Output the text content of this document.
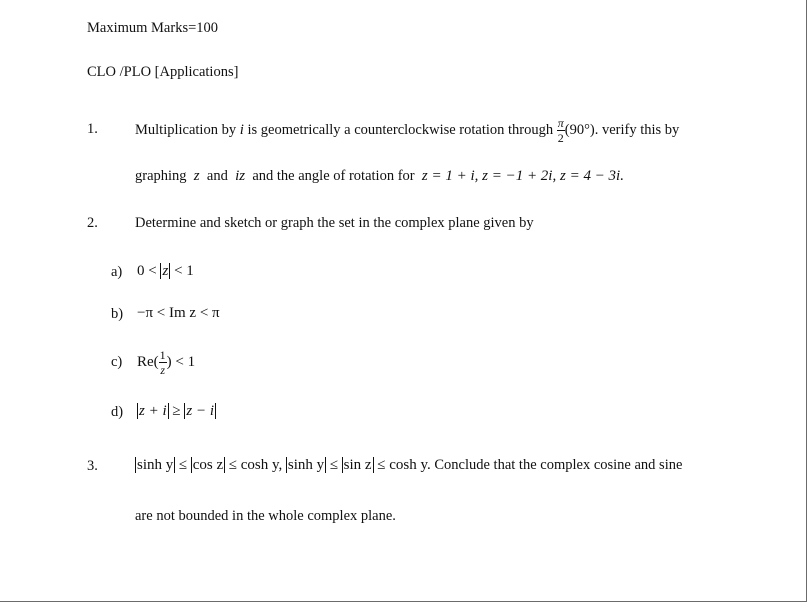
Maximum Marks=100
CLO /PLO [Applications]
1.	Multiplication by
i
is geometrically a counterclockwise rotation through
$\frac{\pi}{2} (90^\circ)$. verify this by
graphing z and iz and the angle of rotation for z = 1 + i, z = −1 + 2i, z = 4 − 3i.
2.	Determine and sketch or graph the set in the complex plane given by
a) 0 < z < 1
b) −π < Im z < π
c) $Re( \frac{1}{z}$ ) < 1
d) z + i ≥ z − i
3.	sinh y ≤ cos z ≤ cosh y, sinh y ≤ sin z ≤ cosh y. Conclude that the complex cosine and sine
are not bounded in the whole complex plane.
